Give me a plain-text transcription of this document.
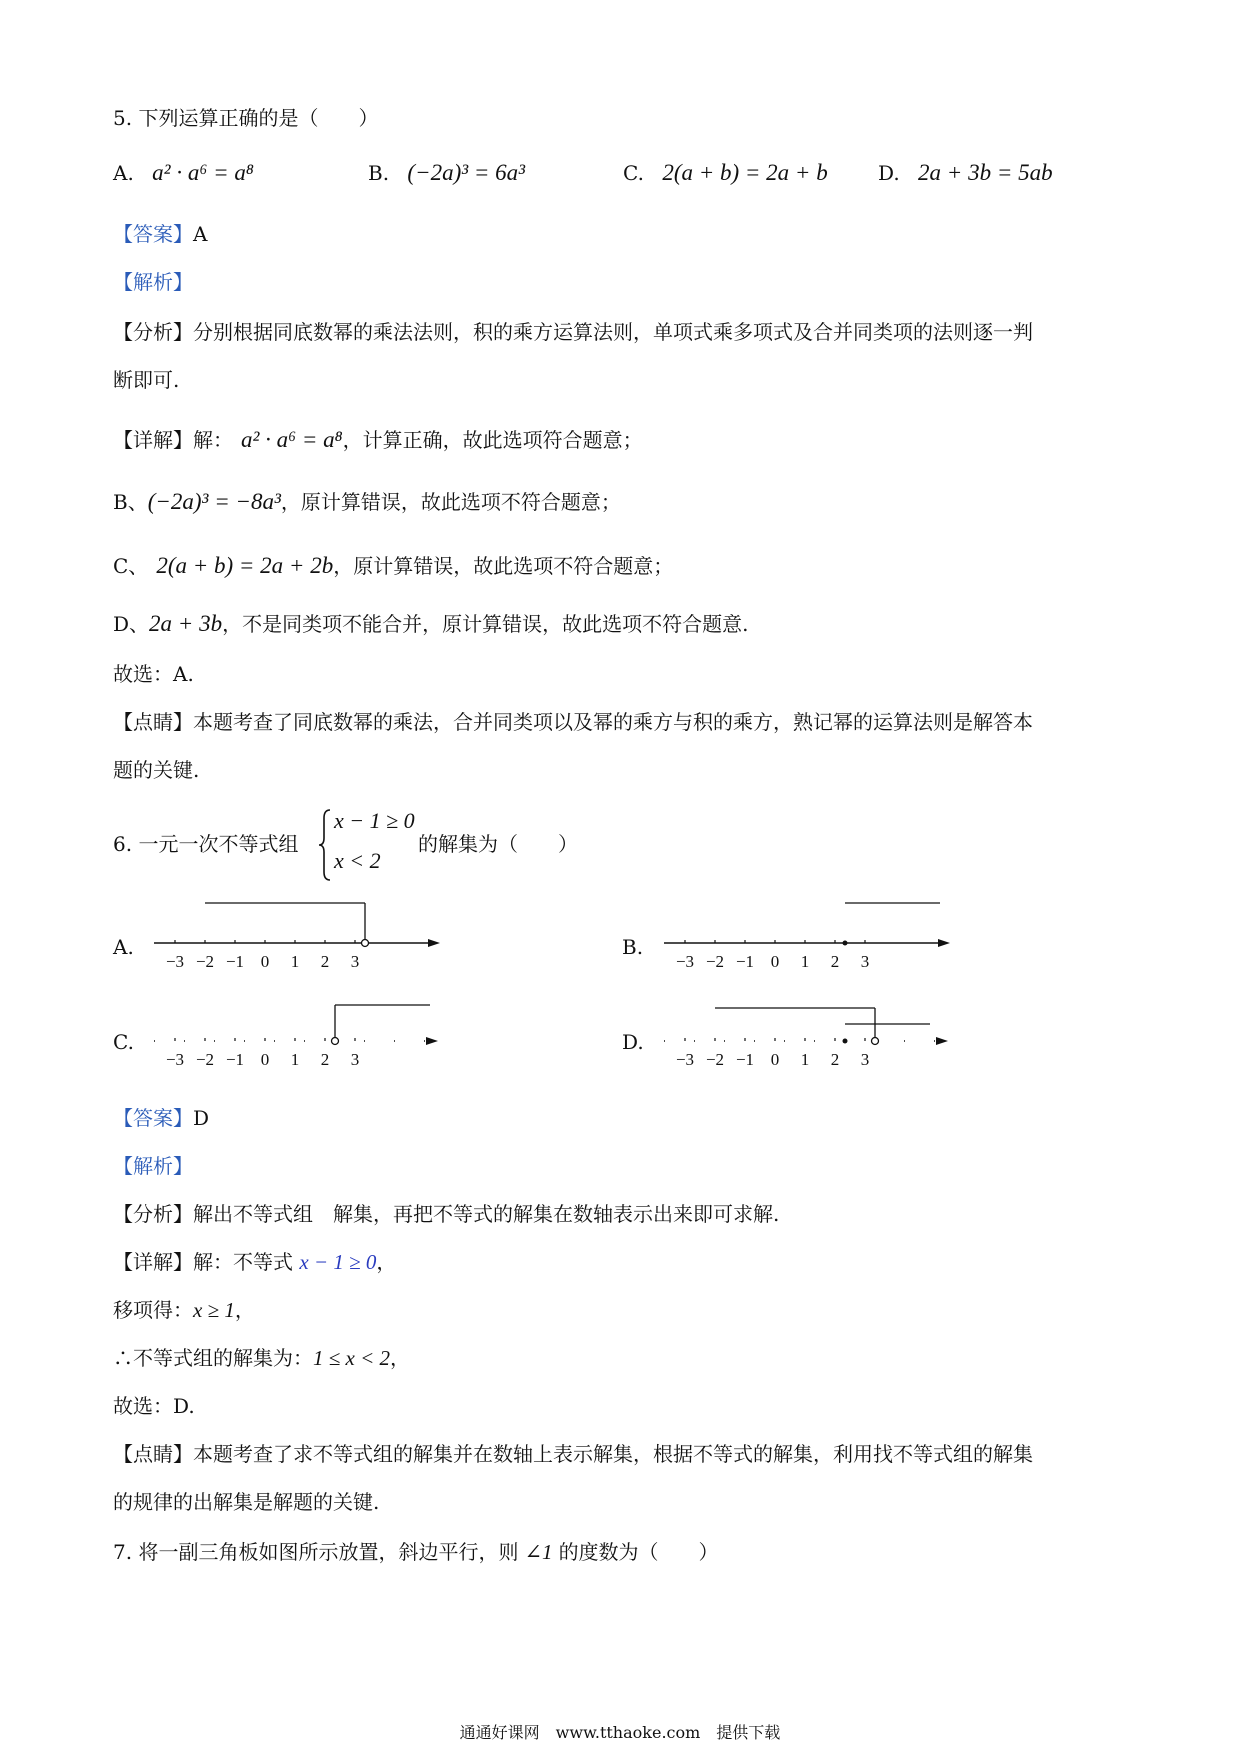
5. 下列运算正确的是（　　）
A. a² · a⁶ = a⁸	B. (−2a)³ = 6a³	C. 2(a + b) = 2a + b	D. 2a + 3b = 5ab
【答案】A
【解析】
【分析】分别根据同底数幂的乘法法则，积的乘方运算法则，单项式乘多项式及合并同类项的法则逐一判
断即可.
【详解】解： a² · a⁶ = a⁸，计算正确，故此选项符合题意；
B、(−2a)³ = −8a³，原计算错误，故此选项不符合题意；
C、 2(a + b) = 2a + 2b，原计算错误，故此选项不符合题意；
D、2a + 3b，不是同类项不能合并，原计算错误，故此选项不符合题意.
故选：A.
【点睛】本题考查了同底数幂的乘法，合并同类项以及幂的乘方与积的乘方，熟记幂的运算法则是解答本
题的关键.
6. 一元一次不等式组
x − 1 ≥ 0
x < 2
的解集为（　　）
A.	B.
C.	D.
−3 −2 −1 0 1 2 3	−3 −2 −1 0 1 2 3
−3 −2 −1 0 1 2 3	−3 −2 −1 0 1 2 3
【答案】D
【解析】
【分析】解出不等式组　解集，再把不等式的解集在数轴表示出来即可求解.
【详解】解：不等式 x − 1 ≥ 0，
移项得：x ≥ 1，
∴不等式组的解集为：1 ≤ x < 2，
故选：D.
【点睛】本题考查了求不等式组的解集并在数轴上表示解集，根据不等式的解集，利用找不等式组的解集
的规律的出解集是解题的关键.
7. 将一副三角板如图所示放置，斜边平行，则 ∠1 的度数为（　　）
通通好课网　www.tthaoke.com　提供下载
